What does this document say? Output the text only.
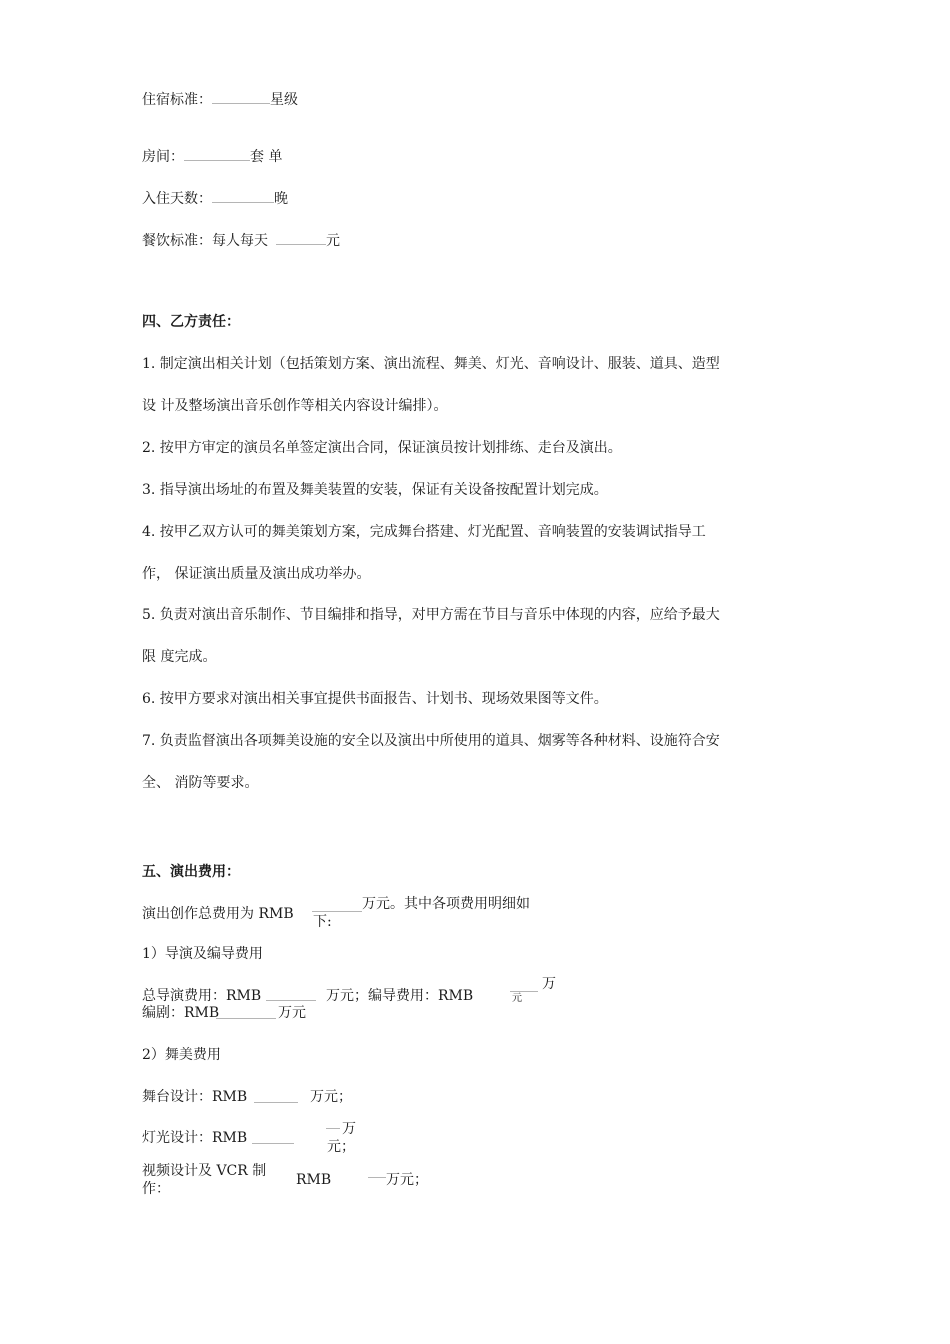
住宿标准：	星级
房间：	套 单
入住天数：	晚
餐饮标准：每人每天	元
四、乙方责任：
1. 制定演出相关计划（包括策划方案、演出流程、舞美、灯光、音响设计、服装、道具、造型
设 计及整场演出音乐创作等相关内容设计编排）。
2. 按甲方审定的演员名单签定演出合同，保证演员按计划排练、走台及演出。
3. 指导演出场址的布置及舞美装置的安装，保证有关设备按配置计划完成。
4. 按甲乙双方认可的舞美策划方案，完成舞台搭建、灯光配置、音响装置的安装调试指导工
作， 保证演出质量及演出成功举办。
5. 负责对演出音乐制作、节目编排和指导，对甲方需在节目与音乐中体现的内容，应给予最大
限 度完成。
6. 按甲方要求对演出相关事宜提供书面报告、计划书、现场效果图等文件。
7. 负责监督演出各项舞美设施的安全以及演出中所使用的道具、烟雾等各种材料、设施符合安
全、 消防等要求。
五、演出费用：
演出创作总费用为 RMB
万元。其中各项费用明细如
下:
1）导演及编导费用
总导演费用：RMB	万元；编导费用：RMB
万
元
编剧：RMB	万元
2）舞美费用
舞台设计：RMB	万元；
灯光设计：RMB
万
元；
视频设计及 VCR 制
作：
RMB	万元；
